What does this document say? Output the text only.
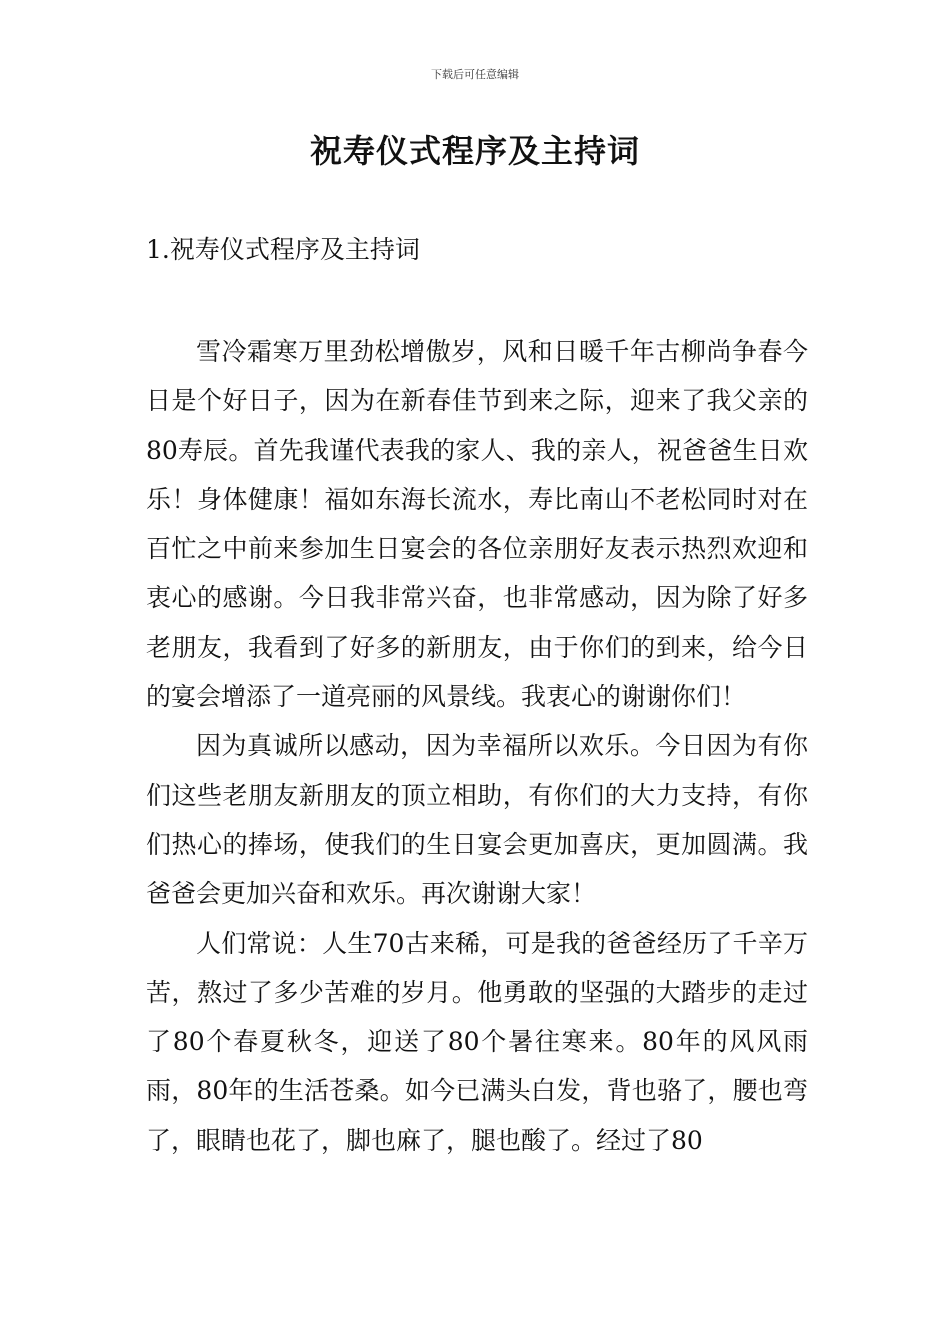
下载后可任意编辑
祝寿仪式程序及主持词
1.祝寿仪式程序及主持词

雪冷霜寒万里劲松增傲岁，风和日暖千年古柳尚争春今日是个好日子，因为在新春佳节到来之际，迎来了我父亲的80寿辰。首先我谨代表我的家人、我的亲人，祝爸爸生日欢乐！身体健康！福如东海长流水，寿比南山不老松同时对在百忙之中前来参加生日宴会的各位亲朋好友表示热烈欢迎和衷心的感谢。今日我非常兴奋，也非常感动，因为除了好多老朋友，我看到了好多的新朋友，由于你们的到来，给今日的宴会增添了一道亮丽的风景线。我衷心的谢谢你们！

因为真诚所以感动，因为幸福所以欢乐。今日因为有你们这些老朋友新朋友的顶立相助，有你们的大力支持，有你们热心的捧场，使我们的生日宴会更加喜庆，更加圆满。我爸爸会更加兴奋和欢乐。再次谢谢大家！

人们常说：人生70古来稀，可是我的爸爸经历了千辛万苦，熬过了多少苦难的岁月。他勇敢的坚强的大踏步的走过了80个春夏秋冬，迎送了80个暑往寒来。80年的风风雨雨，80年的生活苍桑。如今已满头白发，背也骆了，腰也弯了，眼睛也花了，脚也麻了，腿也酸了。经过了80
